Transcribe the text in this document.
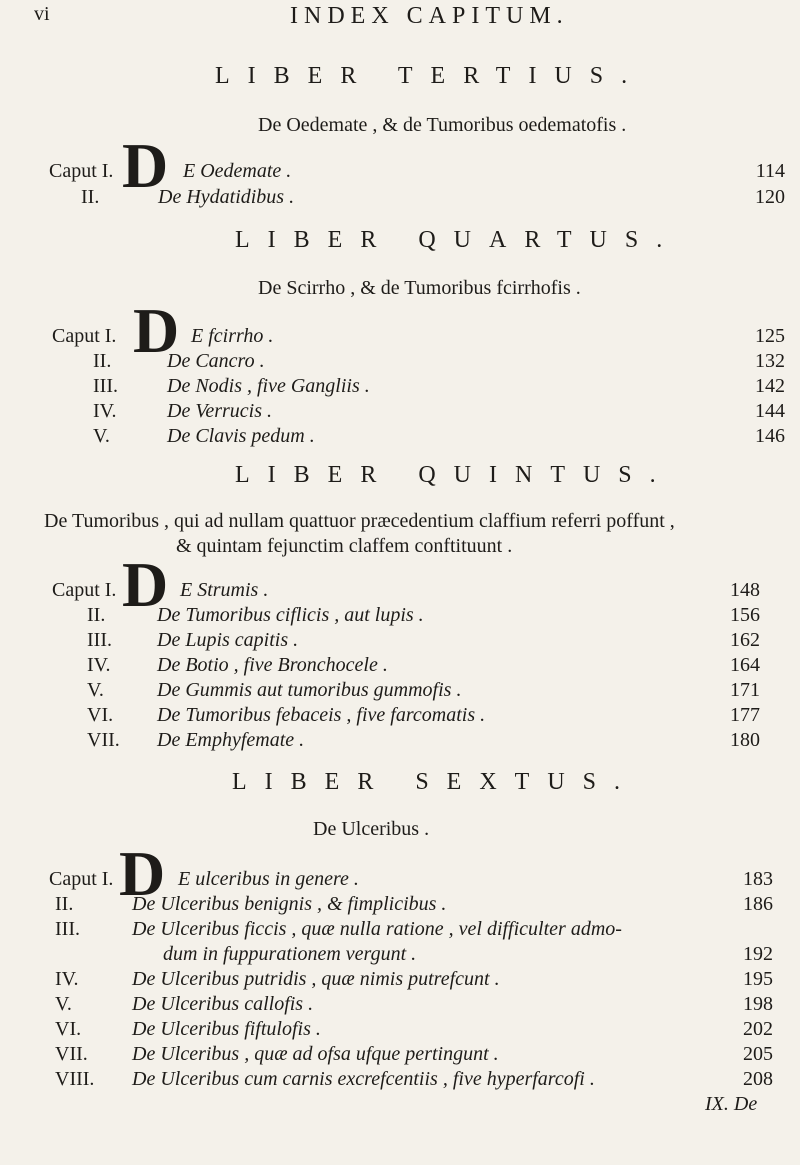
vi	INDEX CAPITUM.
LIBER TERTIUS.
De Oedemate , & de Tumoribus oedematofis .
Caput I. D E Oedemate .	114
II.	De Hydatidibus .	120
LIBER QUARTUS.
De Scirrho , & de Tumoribus fcirrhofis .
Caput I. D E fcirrho .	125
II.	De Cancro .	132
III. De Nodis , five Gangliis .	142
IV.	De Verrucis .	144
V.	De Clavis pedum .	146
LIBER QUINTUS.
De Tumoribus , qui ad nullam quattuor præcedentium claffium referri poffunt ,
& quintam fejunctim claffem conftituunt .
Caput I. D E Strumis .	148
II.	De Tumoribus ciflicis , aut lupis .	156
III. De Lupis capitis .	162
IV. De Botio , five Bronchocele .	164
V.	De Gummis aut tumoribus gummofis .	171
VI. De Tumoribus febaceis , five farcomatis .	177
VII. De Emphyfemate .	180
LIBER SEXTUS.
De Ulceribus .
Caput I. D E ulceribus in genere .	183
II.	De Ulceribus benignis , & fimplicibus .	186
III.	De Ulceribus ficcis , quæ nulla ratione , vel difficulter admo-
dum in fuppurationem vergunt .	192
IV.	De Ulceribus putridis , quæ nimis putrefcunt .	195
V.	De Ulceribus callofis .	198
VI.	De Ulceribus fiftulofis .	202
VII. De Ulceribus , quæ ad ofsa ufque pertingunt .	205
VIII. De Ulceribus cum carnis excrefcentiis , five hyperfarcofi .	208
IX. De
